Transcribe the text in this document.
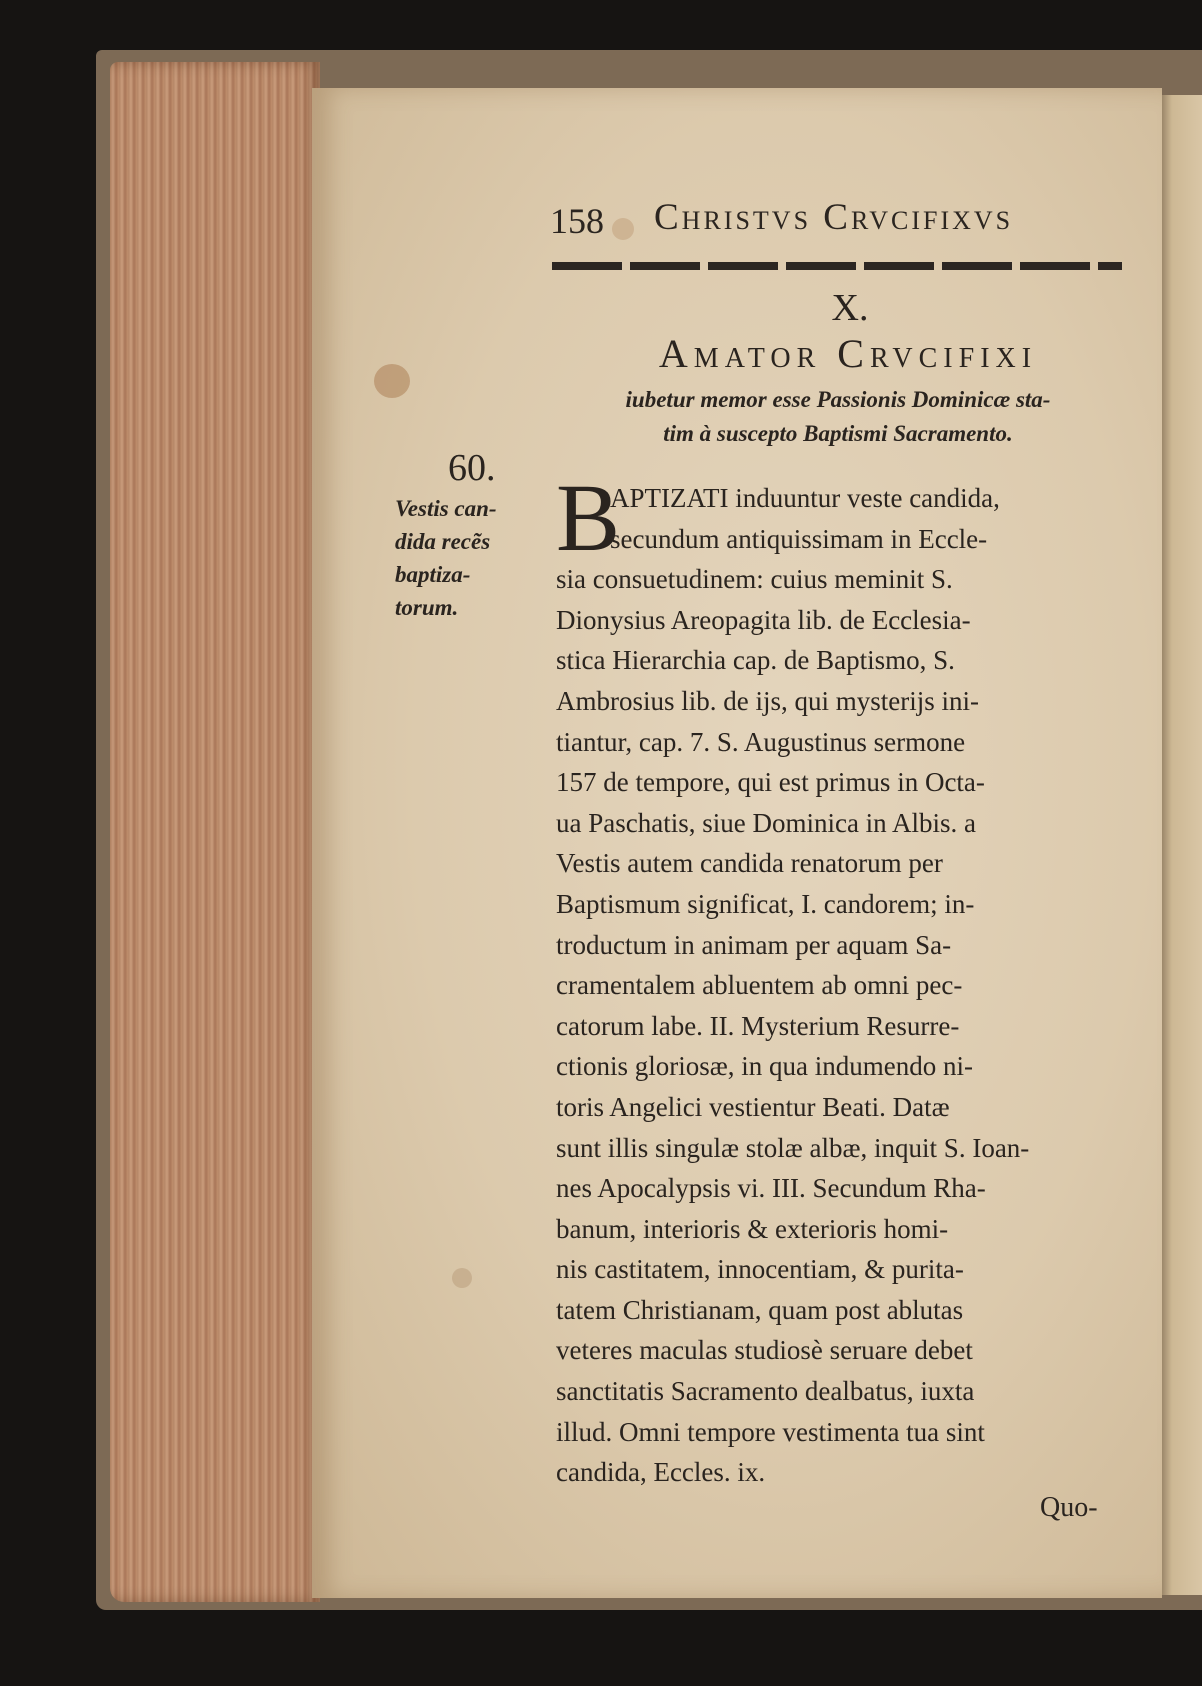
158 Christvs Crvcifixvs
X.
Amator Crvcifixi
iubetur memor esse Passionis Dominicæ sta-
tim à suscepto Baptismi Sacramento.
60.
Vestis can-
dida recẽs
baptiza-
torum.
B
APTIZATI induuntur veste candida,
secundum antiquissimam in Eccle-
sia consuetudinem: cuius meminit S.
Dionysius Areopagita lib. de Ecclesia-
stica Hierarchia cap. de Baptismo, S.
Ambrosius lib. de ijs, qui mysterijs ini-
tiantur, cap. 7. S. Augustinus sermone
157 de tempore, qui est primus in Octa-
ua Paschatis, siue Dominica in Albis. a
Vestis autem candida renatorum per
Baptismum significat, I. candorem; in-
troductum in animam per aquam Sa-
cramentalem abluentem ab omni pec-
catorum labe. II. Mysterium Resurre-
ctionis gloriosæ, in qua indumendo ni-
toris Angelici vestientur Beati. Datæ
sunt illis singulæ stolæ albæ, inquit S. Ioan-
nes Apocalypsis vi. III. Secundum Rha-
banum, interioris & exterioris homi-
nis castitatem, innocentiam, & purita-
tatem Christianam, quam post ablutas
veteres maculas studiosè seruare debet
sanctitatis Sacramento dealbatus, iuxta
illud. Omni tempore vestimenta tua sint
candida, Eccles. ix.
Quo-
